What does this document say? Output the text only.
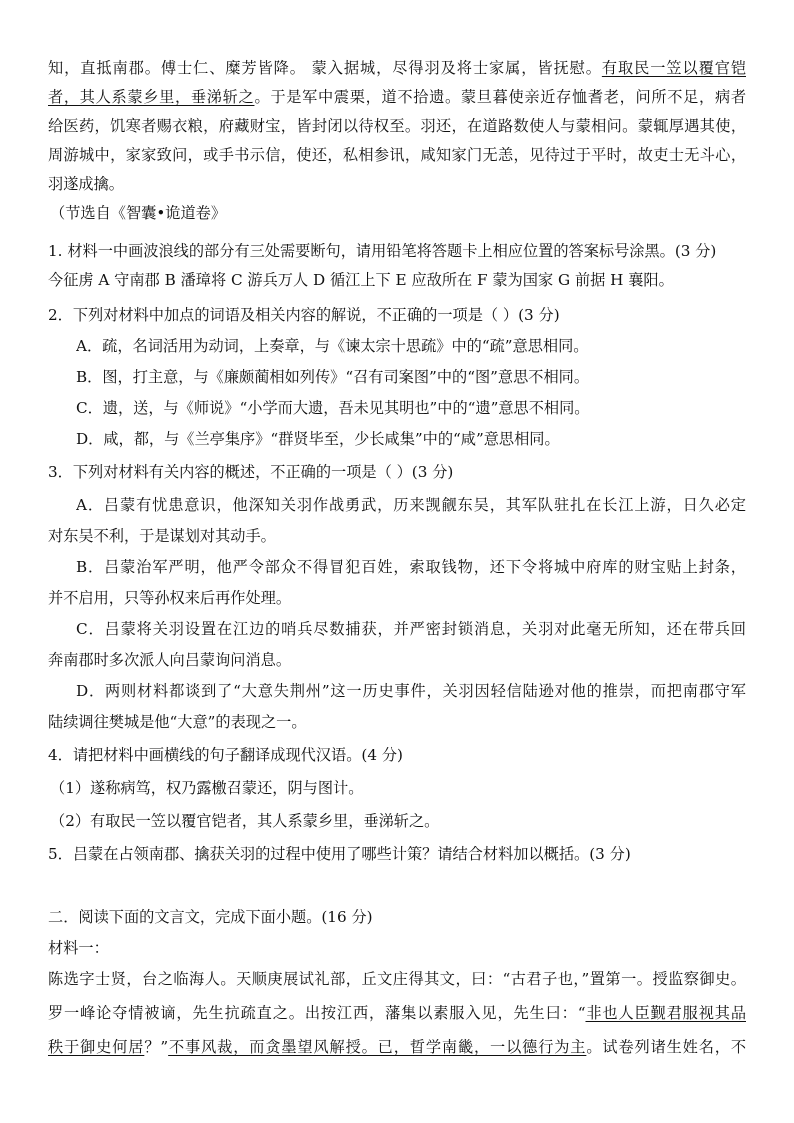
知，直抵南郡。傅士仁、糜芳皆降。 蒙入据城，尽得羽及将士家属，皆抚慰。有取民一笠以覆官铠
者，其人系蒙乡里，垂涕斩之。于是军中震栗，道不拾遗。蒙旦暮使亲近存恤耆老，问所不足，病者
给医药，饥寒者赐衣粮，府藏财宝，皆封闭以待权至。羽还，在道路数使人与蒙相问。蒙辄厚遇其使，
周游城中，家家致问，或手书示信，使还，私相参讯，咸知家门无恙，见待过于平时，故吏士无斗心，
羽遂成擒。
（节选自《智囊•诡道卷》
1. 材料一中画波浪线的部分有三处需要断句，请用铅笔将答题卡上相应位置的答案标号涂黑。(3 分)
今征虏 A 守南郡 B 潘璋将 C 游兵万人 D 循江上下 E 应敌所在 F 蒙为国家 G 前据 H 襄阳。
2．下列对材料中加点的词语及相关内容的解说，不正确的一项是（ ）(3 分)
A．疏，名词活用为动词，上奏章，与《谏太宗十思疏》中的“疏”意思相同。
B．图，打主意，与《廉颇蔺相如列传》“召有司案图”中的“图”意思不相同。
C．遗，送，与《师说》“小学而大遗，吾未见其明也”中的“遗”意思不相同。
D．咸，都，与《兰亭集序》“群贤毕至，少长咸集”中的“咸”意思相同。
3．下列对材料有关内容的概述，不正确的一项是（ ）(3 分)
A．吕蒙有忧患意识，他深知关羽作战勇武，历来觊觎东吴，其军队驻扎在长江上游，日久必定
对东吴不利，于是谋划对其动手。
B．吕蒙治军严明，他严令部众不得冒犯百姓，索取钱物，还下令将城中府库的财宝贴上封条，
并不启用，只等孙权来后再作处理。
C．吕蒙将关羽设置在江边的哨兵尽数捕获，并严密封锁消息，关羽对此毫无所知，还在带兵回
奔南郡时多次派人向吕蒙询问消息。
D．两则材料都谈到了“大意失荆州”这一历史事件，关羽因轻信陆逊对他的推崇，而把南郡守军
陆续调往樊城是他“大意”的表现之一。
4．请把材料中画横线的句子翻译成现代汉语。(4 分)
（1）遂称病笃，权乃露檄召蒙还，阴与图计。
（2）有取民一笠以覆官铠者，其人系蒙乡里，垂涕斩之。
5．吕蒙在占领南郡、擒获关羽的过程中使用了哪些计策？请结合材料加以概括。(3 分)
二．阅读下面的文言文，完成下面小题。(16 分)
材料一：
陈选字士贤，台之临海人。天顺庚展试礼部，丘文庄得其文，曰：“古君子也，”置第一。授监察御史。
罗一峰论夺情被谪，先生抗疏直之。出按江西，藩集以素服入见，先生曰：“非也人臣觐君服视其品
秩于御史何居？”不事风裁，而贪墨望风解授。已，晢学南畿，一以德行为主。试卷列诸生姓名，不
